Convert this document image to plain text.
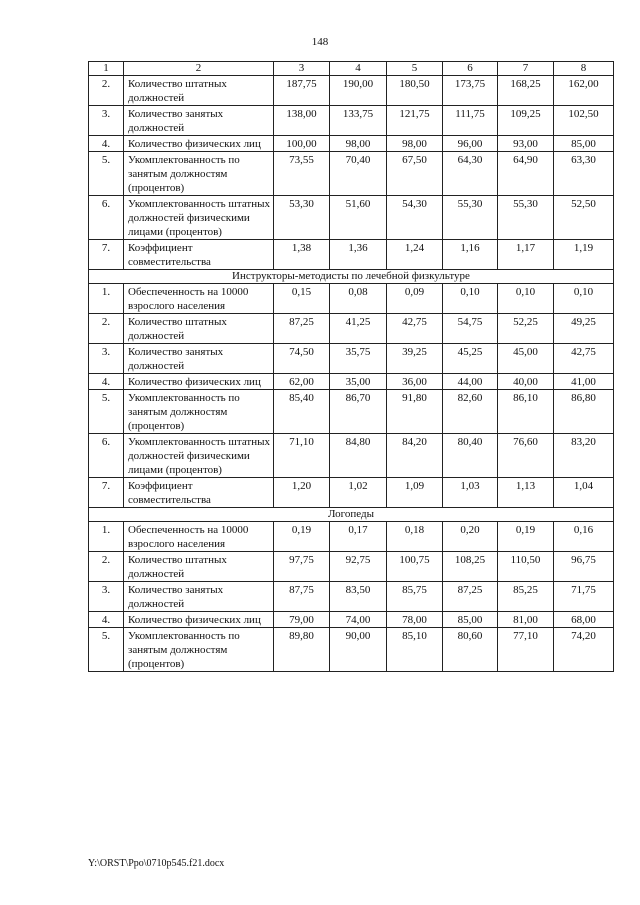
148
1	2	3	4	5	6	7	8
2.	Количество штатных должностей	187,75	190,00	180,50	173,75	168,25	162,00
3.	Количество занятых должностей	138,00	133,75	121,75	111,75	109,25	102,50
4.	Количество физических лиц	100,00	98,00	98,00	96,00	93,00	85,00
5.	Укомплектованность по занятым должностям (процентов)	73,55	70,40	67,50	64,30	64,90	63,30
6.	Укомплектованность штатных должностей физическими лицами (процентов)	53,30	51,60	54,30	55,30	55,30	52,50
7.	Коэффициент совместительства	1,38	1,36	1,24	1,16	1,17	1,19
Инструкторы-методисты по лечебной физкультуре							
1.	Обеспеченность на 10000 взрослого населения	0,15	0,08	0,09	0,10	0,10	0,10
2.	Количество штатных должностей	87,25	41,25	42,75	54,75	52,25	49,25
3.	Количество занятых должностей	74,50	35,75	39,25	45,25	45,00	42,75
4.	Количество физических лиц	62,00	35,00	36,00	44,00	40,00	41,00
5.	Укомплектованность по занятым должностям (процентов)	85,40	86,70	91,80	82,60	86,10	86,80
6.	Укомплектованность штатных должностей физическими лицами (процентов)	71,10	84,80	84,20	80,40	76,60	83,20
7.	Коэффициент совместительства	1,20	1,02	1,09	1,03	1,13	1,04
Логопеды							
1.	Обеспеченность на 10000 взрослого населения	0,19	0,17	0,18	0,20	0,19	0,16
2.	Количество штатных должностей	97,75	92,75	100,75	108,25	110,50	96,75
3.	Количество занятых должностей	87,75	83,50	85,75	87,25	85,25	71,75
4.	Количество физических лиц	79,00	74,00	78,00	85,00	81,00	68,00
5.	Укомплектованность по занятым должностям (процентов)	89,80	90,00	85,10	80,60	77,10	74,20
Y:\ORST\Ppo\0710p545.f21.docx
